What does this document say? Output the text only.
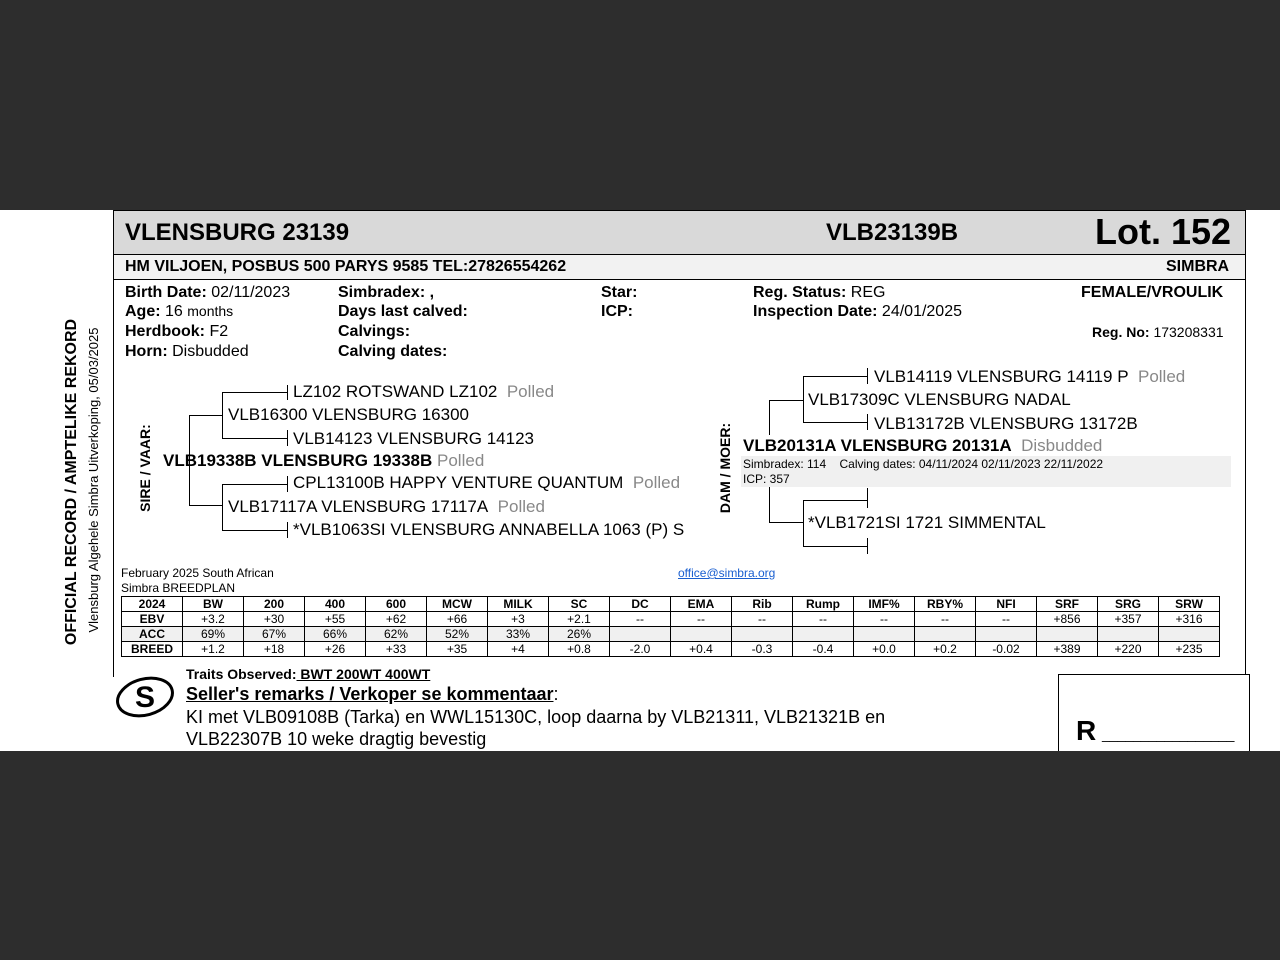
OFFICIAL RECORD / AMPTELIKE REKORD Vlensburg Algehele Simbra Uitverkoping, 05/03/2025
VLENSBURG 23139	VLB23139B	Lot. 152
HM VILJOEN, POSBUS 500 PARYS 9585 TEL:27826554262	SIMBRA
Birth Date: 02/11/2023
Age: 16 months
Herdbook: F2
Horn: Disbudded
Simbradex: ,
Days last calved:
Calvings:
Calving dates:
Star:
ICP:
Reg. Status: REG
Inspection Date: 24/01/2025
FEMALE/VROULIK
Reg. No: 173208331
SIRE / VAAR:
LZ102 ROTSWAND LZ102 Polled
VLB16300 VLENSBURG 16300
VLB14123 VLENSBURG 14123
VLB19338B VLENSBURG 19338B Polled
CPL13100B HAPPY VENTURE QUANTUM Polled
VLB17117A VLENSBURG 17117A Polled
*VLB1063SI VLENSBURG ANNABELLA 1063 (P) S
DAM / MOER:
VLB14119 VLENSBURG 14119 P Polled
VLB17309C VLENSBURG NADAL
VLB13172B VLENSBURG 13172B
VLB20131A VLENSBURG 20131A Disbudded
Simbradex: 114 Calving dates: 04/11/2024 02/11/2023 22/11/2022
ICP: 357
*VLB1721SI 1721 SIMMENTAL
February 2025 South African
Simbra BREEDPLAN
office@simbra.org
2024	BW	200	400	600	MCW	MILK	SC	DC	EMA	Rib	Rump	IMF%	RBY%	NFI	SRF	SRG	SRW
EBV	+3.2	+30	+55	+62	+66	+3	+2.1	--	--	--	--	--	--	--	+856	+357	+316
ACC	69%	67%	66%	62%	52%	33%	26%										
BREED	+1.2	+18	+26	+33	+35	+4	+0.8	-2.0	+0.4	-0.3	-0.4	+0.0	+0.2	-0.02	+389	+220	+235
S
Traits Observed: BWT 200WT 400WT
Seller's remarks / Verkoper se kommentaar:
KI met VLB09108B (Tarka) en WWL15130C, loop daarna by VLB21311, VLB21321B en
VLB22307B 10 weke dragtig bevestig	R _________________
